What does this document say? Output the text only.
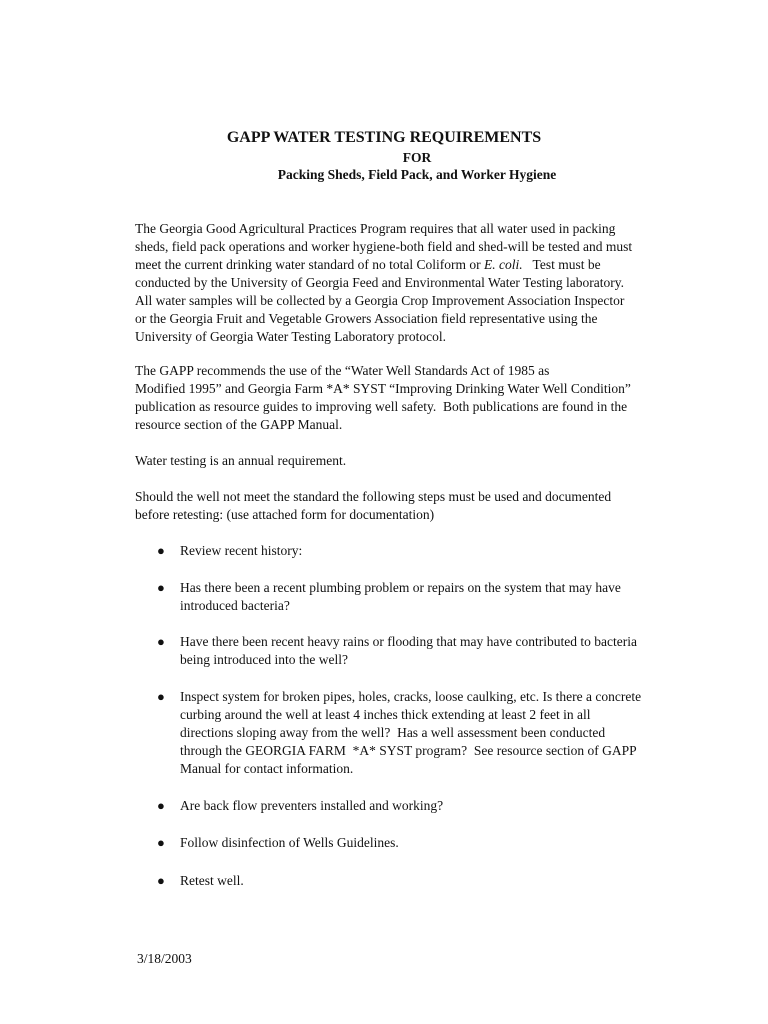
GAPP WATER TESTING REQUIREMENTS
FOR
Packing Sheds, Field Pack, and Worker Hygiene

The Georgia Good Agricultural Practices Program requires that all water used in packing

sheds, field pack operations and worker hygiene-both field and shed-will be tested and must

meet the current drinking water standard of no total Coliform or E. coli.   Test must be

conducted by the University of Georgia Feed and Environmental Water Testing laboratory.

All water samples will be collected by a Georgia Crop Improvement Association Inspector

or the Georgia Fruit and Vegetable Growers Association field representative using the

University of Georgia Water Testing Laboratory protocol.

The GAPP recommends the use of the “Water Well Standards Act of 1985 as

Modified 1995” and Georgia Farm *A* SYST “Improving Drinking Water Well Condition”

publication as resource guides to improving well safety.  Both publications are found in the

resource section of the GAPP Manual.

Water testing is an annual requirement.

Should the well not meet the standard the following steps must be used and documented

before retesting: (use attached form for documentation)

● Review recent history:
● Has there been a recent plumbing problem or repairs on the system that may have
introduced bacteria?
● Have there been recent heavy rains or flooding that may have contributed to bacteria
being introduced into the well?
● Inspect system for broken pipes, holes, cracks, loose caulking, etc. Is there a concrete
curbing around the well at least 4 inches thick extending at least 2 feet in all
directions sloping away from the well?  Has a well assessment been conducted
through the GEORGIA FARM  *A* SYST program?  See resource section of GAPP
Manual for contact information.
● Are back flow preventers installed and working?
● Follow disinfection of Wells Guidelines.
● Retest well.
3/18/2003
